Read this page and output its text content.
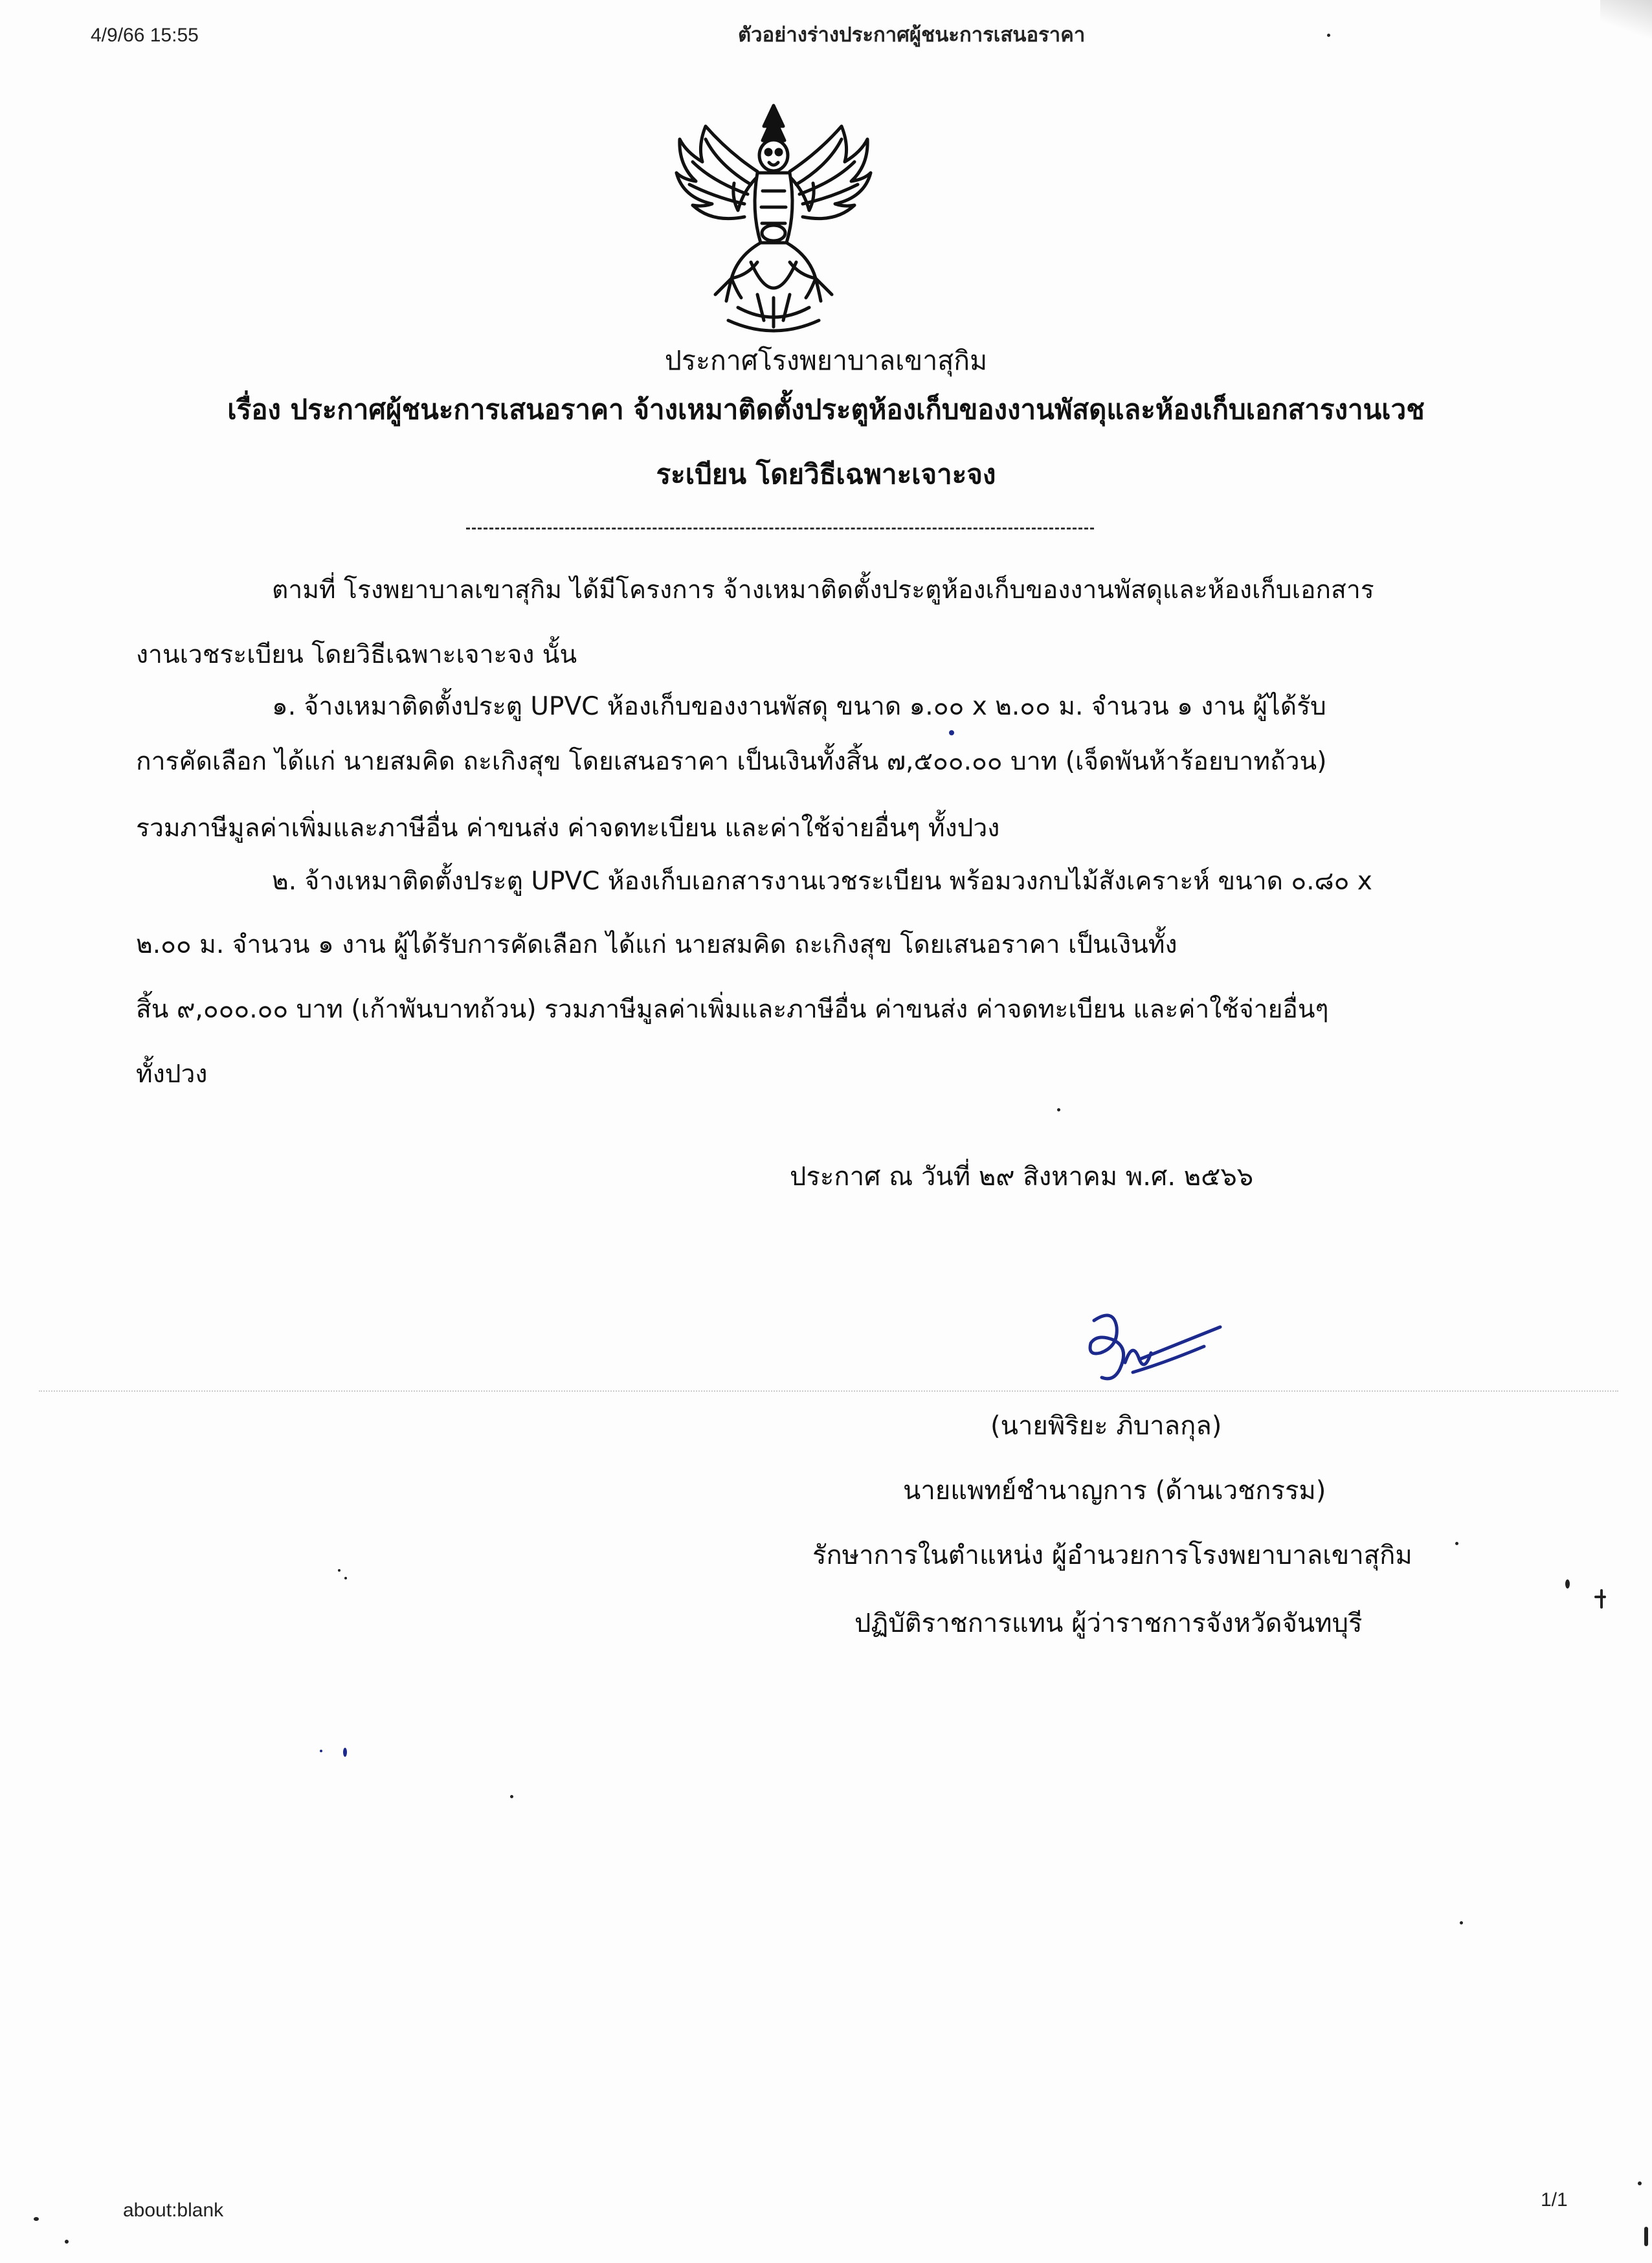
4/9/66 15:55	ตัวอย่างร่างประกาศผู้ชนะการเสนอราคา
ประกาศโรงพยาบาลเขาสุกิม
เรื่อง ประกาศผู้ชนะการเสนอราคา จ้างเหมาติดตั้งประตูห้องเก็บของงานพัสดุและห้องเก็บเอกสารงานเวช
ระเบียน โดยวิธีเฉพาะเจาะจง
ตามที่ โรงพยาบาลเขาสุกิม ได้มีโครงการ จ้างเหมาติดตั้งประตูห้องเก็บของงานพัสดุและห้องเก็บเอกสาร
งานเวชระเบียน โดยวิธีเฉพาะเจาะจง นั้น
๑. จ้างเหมาติดตั้งประตู UPVC ห้องเก็บของงานพัสดุ ขนาด ๑.๐๐ x ๒.๐๐ ม. จำนวน ๑ งาน ผู้ได้รับ
การคัดเลือก ได้แก่ นายสมคิด ถะเกิงสุข โดยเสนอราคา เป็นเงินทั้งสิ้น ๗,๕๐๐.๐๐ บาท (เจ็ดพันห้าร้อยบาทถ้วน)
รวมภาษีมูลค่าเพิ่มและภาษีอื่น ค่าขนส่ง ค่าจดทะเบียน และค่าใช้จ่ายอื่นๆ ทั้งปวง
๒. จ้างเหมาติดตั้งประตู UPVC ห้องเก็บเอกสารงานเวชระเบียน พร้อมวงกบไม้สังเคราะห์ ขนาด ๐.๘๐ x
๒.๐๐ ม. จำนวน ๑ งาน ผู้ได้รับการคัดเลือก ได้แก่ นายสมคิด ถะเกิงสุข โดยเสนอราคา เป็นเงินทั้ง
สิ้น ๙,๐๐๐.๐๐ บาท (เก้าพันบาทถ้วน) รวมภาษีมูลค่าเพิ่มและภาษีอื่น ค่าขนส่ง ค่าจดทะเบียน และค่าใช้จ่ายอื่นๆ
ทั้งปวง
ประกาศ ณ วันที่ ๒๙ สิงหาคม พ.ศ. ๒๕๖๖
(นายพิริยะ ภิบาลกุล)
นายแพทย์ชำนาญการ (ด้านเวชกรรม)
รักษาการในตำแหน่ง ผู้อำนวยการโรงพยาบาลเขาสุกิม
ปฏิบัติราชการแทน ผู้ว่าราชการจังหวัดจันทบุรี
about:blank	1/1
